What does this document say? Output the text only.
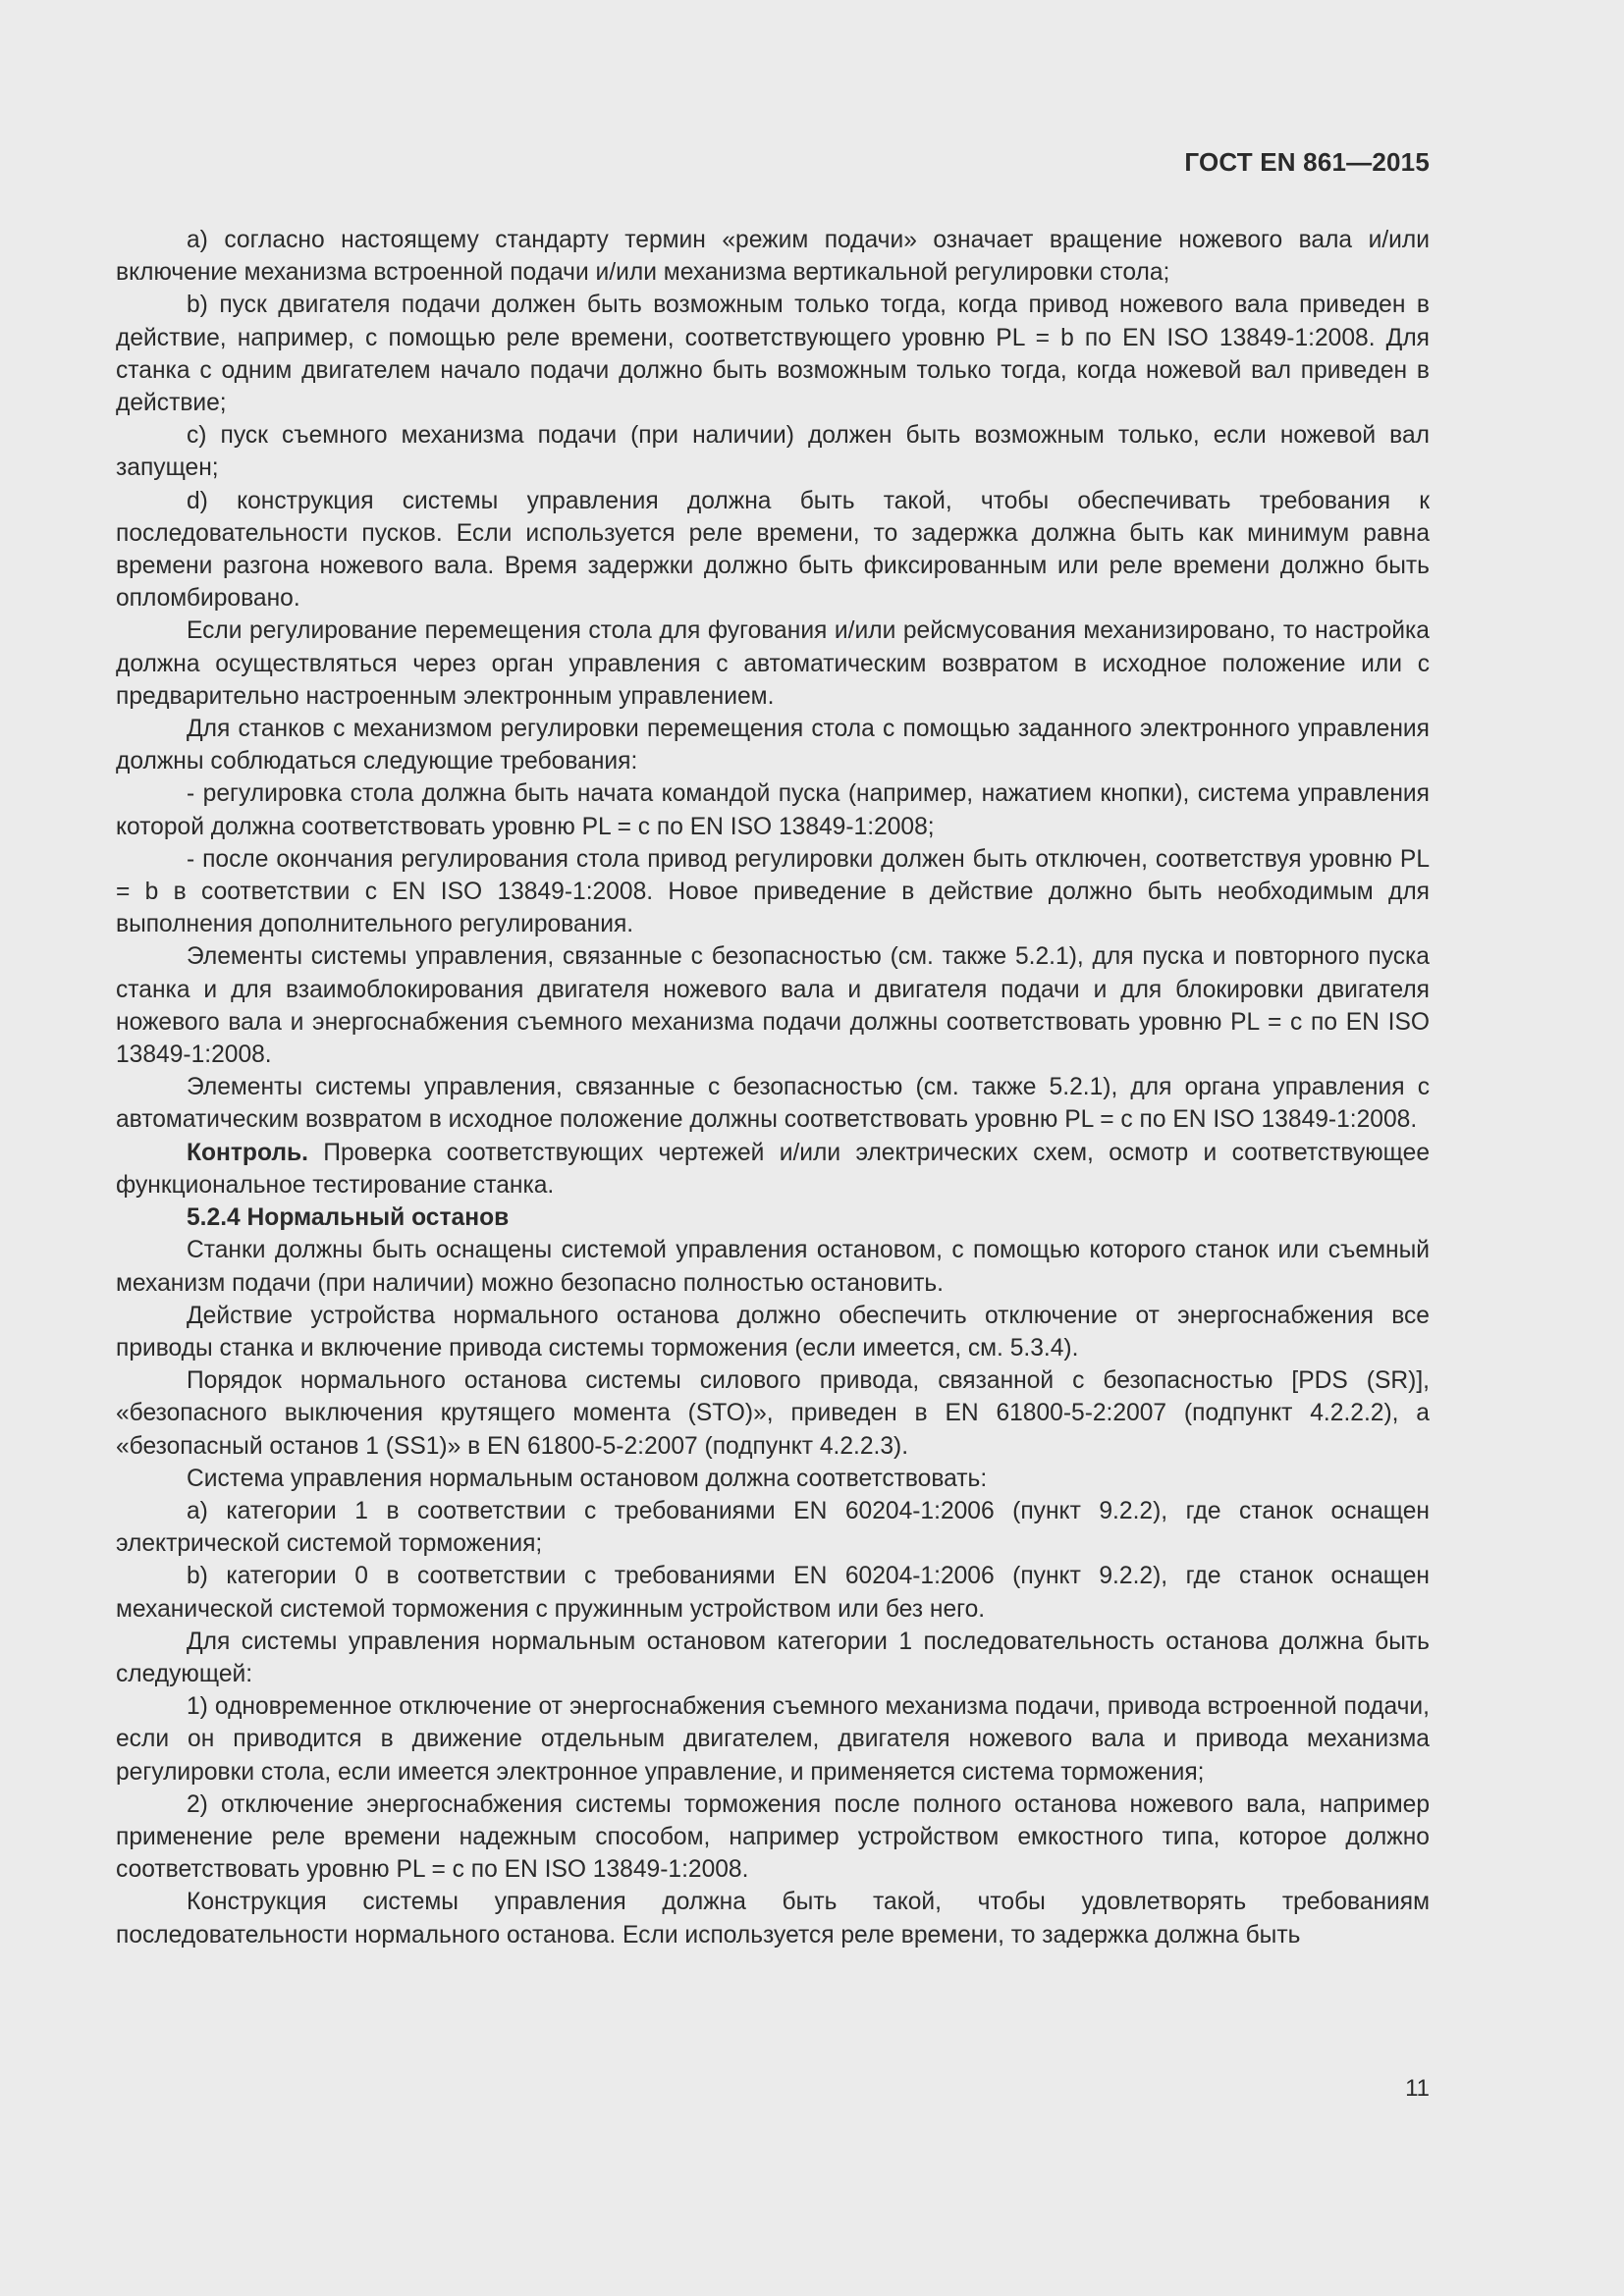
ГОСТ EN 861—2015

a) согласно настоящему стандарту термин «режим подачи» означает вращение ножевого вала и/или включение механизма встроенной подачи и/или механизма вертикальной регулировки стола;

b) пуск двигателя подачи должен быть возможным только тогда, когда привод ножевого вала приведен в действие, например, с помощью реле времени, соответствующего уровню PL = b по EN ISO 13849-1:2008. Для станка с одним двигателем начало подачи должно быть возможным только тогда, когда ножевой вал приведен в действие;

c) пуск съемного механизма подачи (при наличии) должен быть возможным только, если ножевой вал запущен;

d) конструкция системы управления должна быть такой, чтобы обеспечивать требования к последовательности пусков. Если используется реле времени, то задержка должна быть как минимум равна времени разгона ножевого вала. Время задержки должно быть фиксированным или реле времени должно быть опломбировано.

Если регулирование перемещения стола для фугования и/или рейсмусования механизировано, то настройка должна осуществляться через орган управления с автоматическим возвратом в исходное положение или с предварительно настроенным электронным управлением.

Для станков с механизмом регулировки перемещения стола с помощью заданного электронного управления должны соблюдаться следующие требования:

- регулировка стола должна быть начата командой пуска (например, нажатием кнопки), система управления которой должна соответствовать уровню PL = c по EN ISO 13849-1:2008;

- после окончания регулирования стола привод регулировки должен быть отключен, соответствуя уровню PL = b в соответствии с EN ISO 13849-1:2008. Новое приведение в действие должно быть необходимым для выполнения дополнительного регулирования.

Элементы системы управления, связанные с безопасностью (см. также 5.2.1), для пуска и повторного пуска станка и для взаимоблокирования двигателя ножевого вала и двигателя подачи и для блокировки двигателя ножевого вала и энергоснабжения съемного механизма подачи должны соответствовать уровню PL = c по EN ISO 13849-1:2008.

Элементы системы управления, связанные с безопасностью (см. также 5.2.1), для органа управления с автоматическим возвратом в исходное положение должны соответствовать уровню PL = c по EN ISO 13849-1:2008.

Контроль. Проверка соответствующих чертежей и/или электрических схем, осмотр и соответствующее функциональное тестирование станка.

5.2.4 Нормальный останов

Станки должны быть оснащены системой управления остановом, с помощью которого станок или съемный механизм подачи (при наличии) можно безопасно полностью остановить.

Действие устройства нормального останова должно обеспечить отключение от энергоснабжения все приводы станка и включение привода системы торможения (если имеется, см. 5.3.4).

Порядок нормального останова системы силового привода, связанной с безопасностью [PDS (SR)], «безопасного выключения крутящего момента (STO)», приведен в EN 61800-5-2:2007 (подпункт 4.2.2.2), а «безопасный останов 1 (SS1)» в EN 61800-5-2:2007 (подпункт 4.2.2.3).

Система управления нормальным остановом должна соответствовать:

а) категории 1 в соответствии с требованиями EN 60204-1:2006 (пункт 9.2.2), где станок оснащен электрической системой торможения;

b) категории 0 в соответствии с требованиями EN 60204-1:2006 (пункт 9.2.2), где станок оснащен механической системой торможения с пружинным устройством или без него.

Для системы управления нормальным остановом категории 1 последовательность останова должна быть следующей:

1) одновременное отключение от энергоснабжения съемного механизма подачи, привода встроенной подачи, если он приводится в движение отдельным двигателем, двигателя ножевого вала и привода механизма регулировки стола, если имеется электронное управление, и применяется система торможения;

2) отключение энергоснабжения системы торможения после полного останова ножевого вала, например применение реле времени надежным способом, например устройством емкостного типа, которое должно соответствовать уровню PL = c по EN ISO 13849-1:2008.

Конструкция системы управления должна быть такой, чтобы удовлетворять требованиям последовательности нормального останова. Если используется реле времени, то задержка должна быть

11
